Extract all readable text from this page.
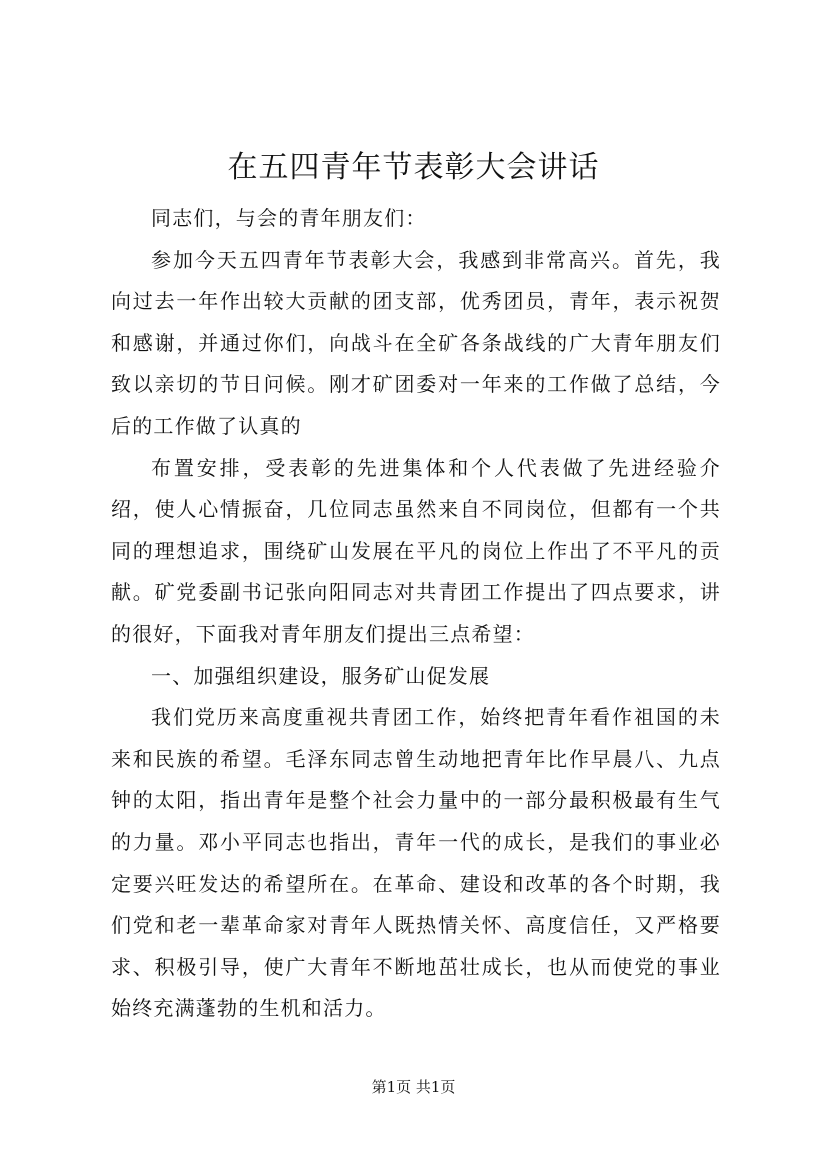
在五四青年节表彰大会讲话

同志们，与会的青年朋友们：

参加今天五四青年节表彰大会，我感到非常高兴。首先，我向过去一年作出较大贡献的团支部，优秀团员，青年，表示祝贺和感谢，并通过你们，向战斗在全矿各条战线的广大青年朋友们致以亲切的节日问候。刚才矿团委对一年来的工作做了总结，今后的工作做了认真的

布置安排，受表彰的先进集体和个人代表做了先进经验介绍，使人心情振奋，几位同志虽然来自不同岗位，但都有一个共同的理想追求，围绕矿山发展在平凡的岗位上作出了不平凡的贡献。矿党委副书记张向阳同志对共青团工作提出了四点要求，讲的很好，下面我对青年朋友们提出三点希望：

一、加强组织建设，服务矿山促发展

我们党历来高度重视共青团工作，始终把青年看作祖国的未来和民族的希望。毛泽东同志曾生动地把青年比作早晨八、九点钟的太阳，指出青年是整个社会力量中的一部分最积极最有生气的力量。邓小平同志也指出，青年一代的成长，是我们的事业必定要兴旺发达的希望所在。在革命、建设和改革的各个时期，我们党和老一辈革命家对青年人既热情关怀、高度信任，又严格要求、积极引导，使广大青年不断地茁壮成长，也从而使党的事业始终充满蓬勃的生机和活力。

第1页 共1页
